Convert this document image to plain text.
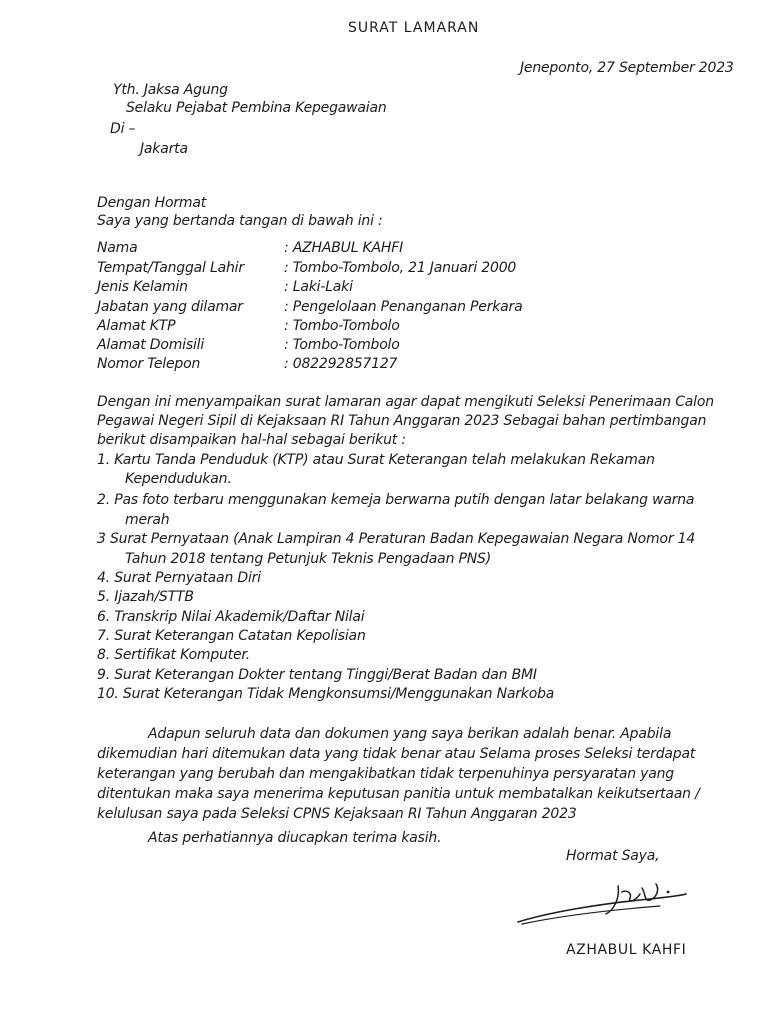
SURAT LAMARAN
Jeneponto, 27 September 2023
Yth. Jaksa Agung
Selaku Pejabat Pembina Kepegawaian
Di –
Jakarta
Dengan Hormat
Saya yang bertanda tangan di bawah ini :
Nama	: AZHABUL KAHFI
Tempat/Tanggal Lahir	: Tombo-Tombolo, 21 Januari 2000
Jenis Kelamin	: Laki-Laki
Jabatan yang dilamar	: Pengelolaan Penanganan Perkara
Alamat KTP	: Tombo-Tombolo
Alamat Domisili	: Tombo-Tombolo
Nomor Telepon	: 082292857127
Dengan ini menyampaikan surat lamaran agar dapat mengikuti Seleksi Penerimaan Calon
Pegawai Negeri Sipil di Kejaksaan RI Tahun Anggaran 2023 Sebagai bahan pertimbangan
berikut disampaikan hal-hal sebagai berikut :
1. Kartu Tanda Penduduk (KTP) atau Surat Keterangan telah melakukan Rekaman
Kependudukan.
2. Pas foto terbaru menggunakan kemeja berwarna putih dengan latar belakang warna
merah
3 Surat Pernyataan (Anak Lampiran 4 Peraturan Badan Kepegawaian Negara Nomor 14
Tahun 2018 tentang Petunjuk Teknis Pengadaan PNS)
4. Surat Pernyataan Diri
5. Ijazah/STTB
6. Transkrip Nilai Akademik/Daftar Nilai
7. Surat Keterangan Catatan Kepolisian
8. Sertifikat Komputer.
9. Surat Keterangan Dokter tentang Tinggi/Berat Badan dan BMI
10. Surat Keterangan Tidak Mengkonsumsi/Menggunakan Narkoba
Adapun seluruh data dan dokumen yang saya berikan adalah benar. Apabila
dikemudian hari ditemukan data yang tidak benar atau Selama proses Seleksi terdapat
keterangan yang berubah dan mengakibatkan tidak terpenuhinya persyaratan yang
ditentukan maka saya menerima keputusan panitia untuk membatalkan keikutsertaan /
kelulusan saya pada Seleksi CPNS Kejaksaan RI Tahun Anggaran 2023
Atas perhatiannya diucapkan terima kasih.
Hormat Saya,
AZHABUL KAHFI
